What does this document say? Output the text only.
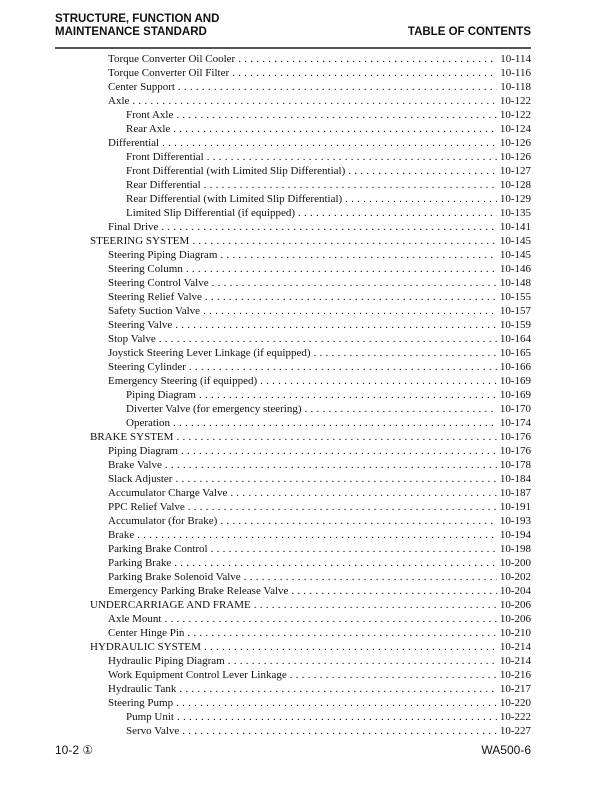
STRUCTURE, FUNCTION AND
MAINTENANCE STANDARD	TABLE OF CONTENTS
Torque Converter Oil Cooler . . .	10-114
Torque Converter Oil Filter . . .	10-116
Center Support . . .	10-118
Axle . . .	10-122
Front Axle . . .	10-122
Rear Axle . . .	10-124
Differential . . .	10-126
Front Differential . . .	10-126
Front Differential (with Limited Slip Differential) . . .	10-127
Rear Differential . . .	10-128
Rear Differential (with Limited Slip Differential) . . .	10-129
Limited Slip Differential (if equipped) . . .	10-135
Final Drive . . .	10-141
STEERING SYSTEM . . .	10-145
Steering Piping Diagram . . .	10-145
Steering Column . . .	10-146
Steering Control Valve . . .	10-148
Steering Relief Valve . . .	10-155
Safety Suction Valve . . .	10-157
Steering Valve . . .	10-159
Stop Valve . . .	10-164
Joystick Steering Lever Linkage (if equipped) . . .	10-165
Steering Cylinder . . .	10-166
Emergency Steering (if equipped) . . .	10-169
Piping Diagram . . .	10-169
Diverter Valve (for emergency steering) . . .	10-170
Operation . . .	10-174
BRAKE SYSTEM . . .	10-176
Piping Diagram . . .	10-176
Brake Valve . . .	10-178
Slack Adjuster . . .	10-184
Accumulator Charge Valve . . .	10-187
PPC Relief Valve . . .	10-191
Accumulator (for Brake) . . .	10-193
Brake . . .	10-194
Parking Brake Control . . .	10-198
Parking Brake . . .	10-200
Parking Brake Solenoid Valve . . .	10-202
Emergency Parking Brake Release Valve . . .	10-204
UNDERCARRIAGE AND FRAME . . .	10-206
Axle Mount . . .	10-206
Center Hinge Pin . . .	10-210
HYDRAULIC SYSTEM . . .	10-214
Hydraulic Piping Diagram . . .	10-214
Work Equipment Control Lever Linkage . . .	10-216
Hydraulic Tank . . .	10-217
Steering Pump . . .	10-220
Pump Unit . . .	10-222
Servo Valve . . .	10-227
10-2 ①	WA500-6
